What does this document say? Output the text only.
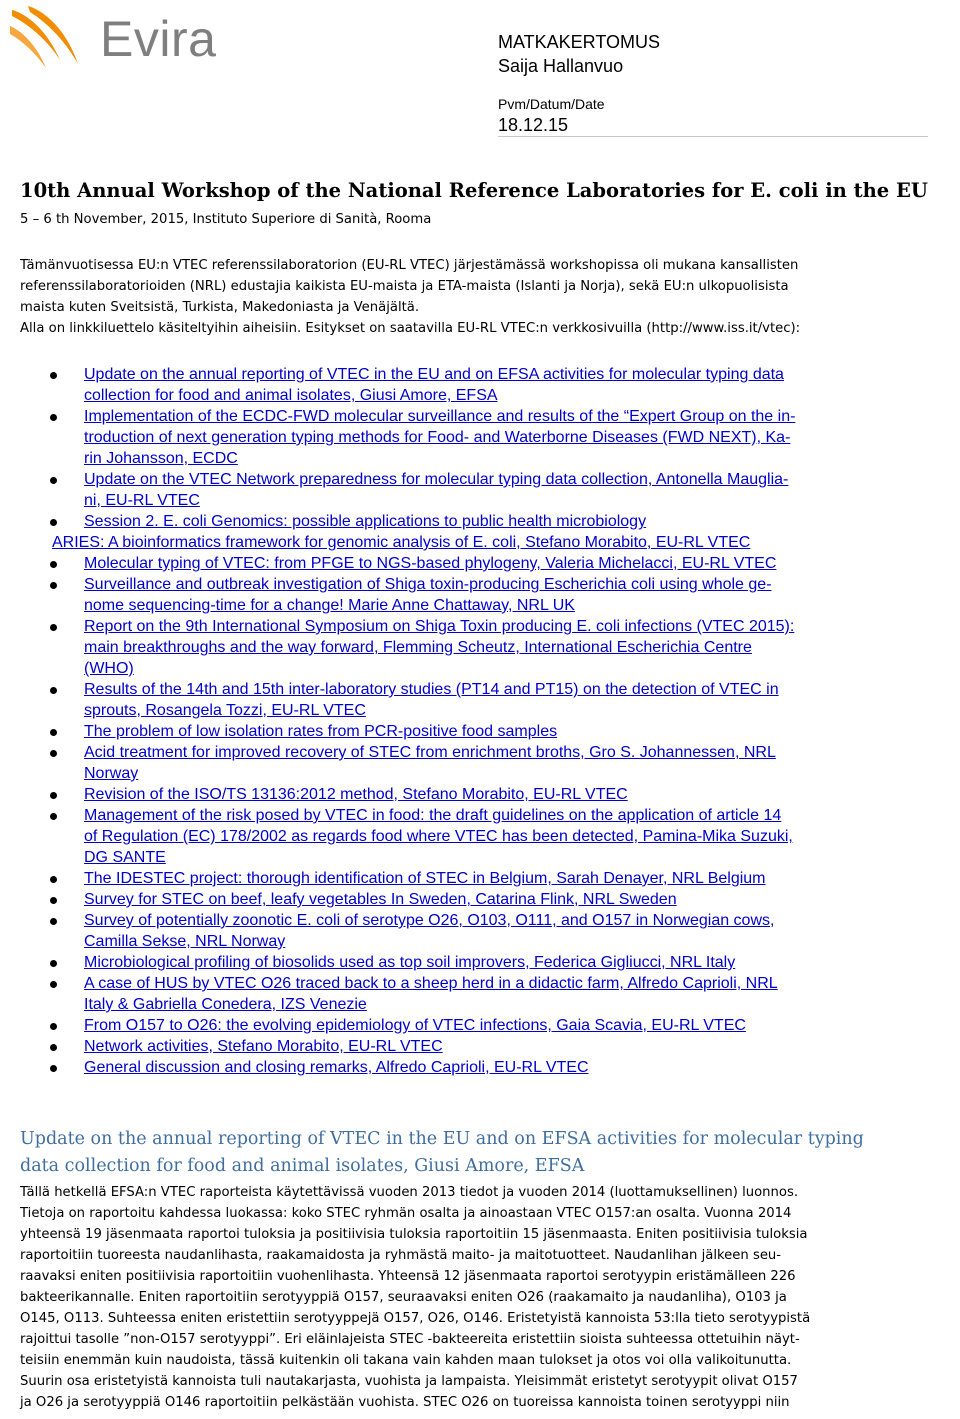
Evira	MATKAKERTOMUS
Saija Hallanvuo
Pvm/Datum/Date
18.12.15
10th Annual Workshop of the National Reference Laboratories for E. coli in the EU
5 – 6 th November, 2015, Instituto Superiore di Sanità, Rooma
Tämänvuotisessa EU:n VTEC referenssilaboratorion (EU-RL VTEC) järjestämässä workshopissa oli mukana kansallisten
referenssilaboratorioiden (NRL) edustajia kaikista EU-maista ja ETA-maista (Islanti ja Norja), sekä EU:n ulkopuolisista
maista kuten Sveitsistä, Turkista, Makedoniasta ja Venäjältä.
Alla on linkkiluettelo käsiteltyihin aiheisiin. Esitykset on saatavilla EU-RL VTEC:n verkkosivuilla (http://www.iss.it/vtec):
Update on the annual reporting of VTEC in the EU and on EFSA activities for molecular typing data
collection for food and animal isolates, Giusi Amore, EFSA
Implementation of the ECDC-FWD molecular surveillance and results of the “Expert Group on the in-
troduction of next generation typing methods for Food- and Waterborne Diseases (FWD NEXT), Ka-
rin Johansson, ECDC
Update on the VTEC Network preparedness for molecular typing data collection, Antonella Mauglia-
ni, EU-RL VTEC
Session 2. E. coli Genomics: possible applications to public health microbiology
ARIES: A bioinformatics framework for genomic analysis of E. coli, Stefano Morabito, EU-RL VTEC
Molecular typing of VTEC: from PFGE to NGS-based phylogeny, Valeria Michelacci, EU-RL VTEC
Surveillance and outbreak investigation of Shiga toxin-producing Escherichia coli using whole ge-
nome sequencing-time for a change! Marie Anne Chattaway, NRL UK
Report on the 9th International Symposium on Shiga Toxin producing E. coli infections (VTEC 2015):
main breakthroughs and the way forward, Flemming Scheutz, International Escherichia Centre
(WHO)
Results of the 14th and 15th inter-laboratory studies (PT14 and PT15) on the detection of VTEC in
sprouts, Rosangela Tozzi, EU-RL VTEC
The problem of low isolation rates from PCR-positive food samples
Acid treatment for improved recovery of STEC from enrichment broths, Gro S. Johannessen, NRL
Norway
Revision of the ISO/TS 13136:2012 method, Stefano Morabito, EU-RL VTEC
Management of the risk posed by VTEC in food: the draft guidelines on the application of article 14
of Regulation (EC) 178/2002 as regards food where VTEC has been detected, Pamina-Mika Suzuki,
DG SANTE
The IDESTEC project: thorough identification of STEC in Belgium, Sarah Denayer, NRL Belgium
Survey for STEC on beef, leafy vegetables In Sweden, Catarina Flink, NRL Sweden
Survey of potentially zoonotic E. coli of serotype O26, O103, O111, and O157 in Norwegian cows,
Camilla Sekse, NRL Norway
Microbiological profiling of biosolids used as top soil improvers, Federica Gigliucci, NRL Italy
A case of HUS by VTEC O26 traced back to a sheep herd in a didactic farm, Alfredo Caprioli, NRL
Italy & Gabriella Conedera, IZS Venezie
From O157 to O26: the evolving epidemiology of VTEC infections, Gaia Scavia, EU-RL VTEC
Network activities, Stefano Morabito, EU-RL VTEC
General discussion and closing remarks, Alfredo Caprioli, EU-RL VTEC
Update on the annual reporting of VTEC in the EU and on EFSA activities for molecular typing
data collection for food and animal isolates, Giusi Amore, EFSA
Tällä hetkellä EFSA:n VTEC raporteista käytettävissä vuoden 2013 tiedot ja vuoden 2014 (luottamuksellinen) luonnos.
Tietoja on raportoitu kahdessa luokassa: koko STEC ryhmän osalta ja ainoastaan VTEC O157:an osalta. Vuonna 2014
yhteensä 19 jäsenmaata raportoi tuloksia ja positiivisia tuloksia raportoitiin 15 jäsenmaasta. Eniten positiivisia tuloksia
raportoitiin tuoreesta naudanlihasta, raakamaidosta ja ryhmästä maito- ja maitotuotteet. Naudanlihan jälkeen seu-
raavaksi eniten positiivisia raportoitiin vuohenlihasta. Yhteensä 12 jäsenmaata raportoi serotyypin eristämälleen 226
bakteerikannalle. Eniten raportoitiin serotyyppiä O157, seuraavaksi eniten O26 (raakamaito ja naudanliha), O103 ja
O145, O113. Suhteessa eniten eristettiin serotyyppejä O157, O26, O146. Eristetyistä kannoista 53:lla tieto serotyypistä
rajoittui tasolle ”non-O157 serotyyppi”. Eri eläinlajeista STEC -bakteereita eristettiin sioista suhteessa ottetuihin näyt-
teisiin enemmän kuin naudoista, tässä kuitenkin oli takana vain kahden maan tulokset ja otos voi olla valikoitunutta.
Suurin osa eristetyistä kannoista tuli nautakarjasta, vuohista ja lampaista. Yleisimmät eristetyt serotyypit olivat O157
ja O26 ja serotyyppiä O146 raportoitiin pelkästään vuohista. STEC O26 on tuoreissa kannoista toinen serotyyppi niin
